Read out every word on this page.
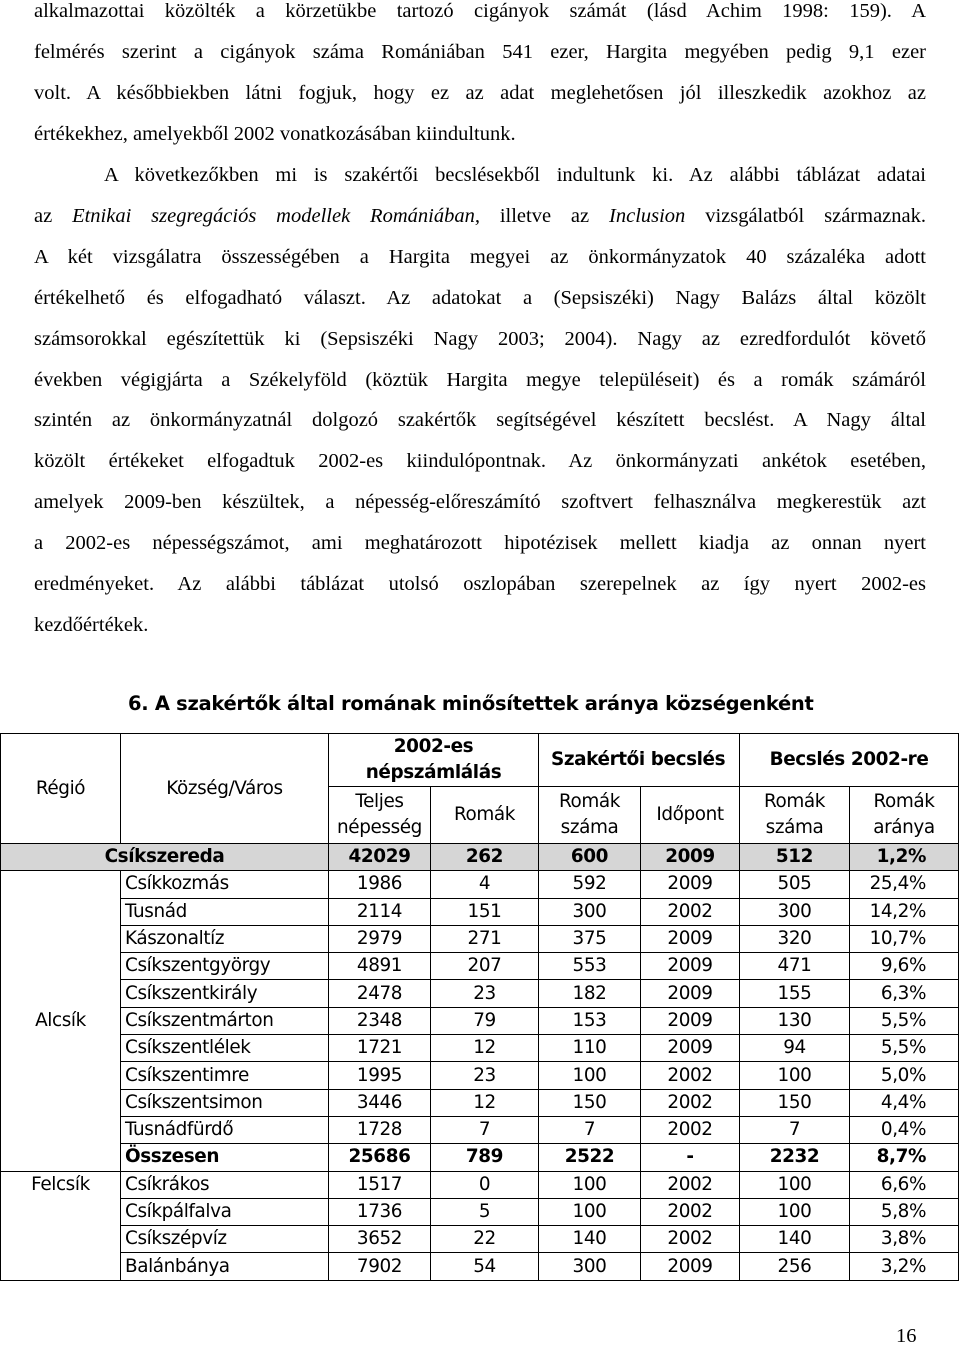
alkalmazottai közölték a körzetükbe tartozó cigányok számát (lásd Achim 1998: 159). A
felmérés szerint a cigányok száma Romániában 541 ezer, Hargita megyében pedig 9,1 ezer
volt. A későbbiekben látni fogjuk, hogy ez az adat meglehetősen jól illeszkedik azokhoz az
értékekhez, amelyekből 2002 vonatkozásában kiindultunk.
A következőkben mi is szakértői becslésekből indultunk ki. Az alábbi táblázat adatai
az Etnikai szegregációs modellek Romániában, illetve az Inclusion vizsgálatból származnak.
A két vizsgálatra összességében a Hargita megyei az önkormányzatok 40 százaléka adott
értékelhető és elfogadható választ. Az adatokat a (Sepsiszéki) Nagy Balázs által közölt
számsorokkal egészítettük ki (Sepsiszéki Nagy 2003; 2004). Nagy az ezredfordulót követő
években végigjárta a Székelyföld (köztük Hargita megye településeit) és a romák számáról
szintén az önkormányzatnál dolgozó szakértők segítségével készített becslést. A Nagy által
közölt értékeket elfogadtuk 2002-es kiindulópontnak. Az önkormányzati ankétok esetében,
amelyek 2009-ben készültek, a népesség-előreszámító szoftvert felhasználva megkerestük azt
a 2002-es népességszámot, ami meghatározott hipotézisek mellett kiadja az onnan nyert
eredményeket. Az alábbi táblázat utolsó oszlopában szerepelnek az így nyert 2002-es
kezdőértékek.
6. A szakértők által romának minősítettek aránya községenként
Régió	Község/Város	2002-es népszámlálás		Szakértői becslés		Becslés 2002-re	
		Teljes népesség	Romák	Romák száma	Időpont	Romák száma	Romák aránya
Csíkszereda		42029	262	600	2009	512	1,2%
Alcsík	Csíkkozmás	1986	4	592	2009	505	25,4%
	Tusnád	2114	151	300	2002	300	14,2%
	Kászonaltíz	2979	271	375	2009	320	10,7%
	Csíkszentgyörgy	4891	207	553	2009	471	9,6%
	Csíkszentkirály	2478	23	182	2009	155	6,3%
	Csíkszentmárton	2348	79	153	2009	130	5,5%
	Csíkszentlélek	1721	12	110	2009	94	5,5%
	Csíkszentimre	1995	23	100	2002	100	5,0%
	Csíkszentsimon	3446	12	150	2002	150	4,4%
	Tusnádfürdő	1728	7	7	2002	7	0,4%
	Összesen	25686	789	2522	-	2232	8,7%
Felcsík	Csíkrákos	1517	0	100	2002	100	6,6%
	Csíkpálfalva	1736	5	100	2002	100	5,8%
	Csíkszépvíz	3652	22	140	2002	140	3,8%
	Balánbánya	7902	54	300	2009	256	3,2%
16
